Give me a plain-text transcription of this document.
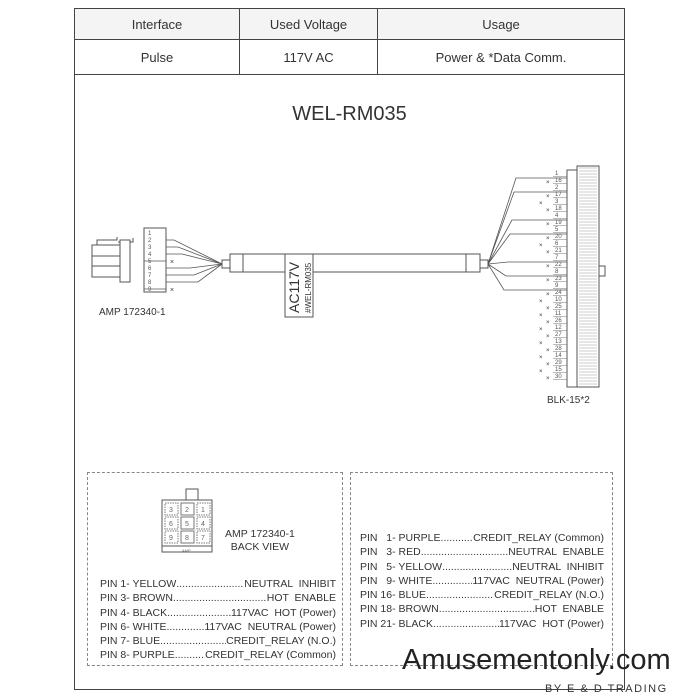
Interface	Used Voltage	Usage
Pulse	117V AC	Power & *Data Comm.
WEL-RM035
×
×	AC117V #WEL-RM035
×
×
×
×
×
×
×
×
×
×
×
×
×
×
×
×
×
×
×
×
×
×
×
1
16
2
17
3
18
4
19
5
20
6
21
7
22
8
23
9
24
10
25
11
26
12
27
13
28
14
29
15
30
1
2
3
4
5
6
7
8
9
AMP 172340-1
BLK-15*2
3 2 1
6 5 4
9 8 7
AMP
AMP 172340-1
BACK VIEW
PIN 1- YELLOW .....	NEUTRAL  INHIBIT
PIN 3- BROWN .....	HOT  ENABLE
PIN 4- BLACK .....	117VAC  HOT (Power)
PIN 6- WHITE .....	117VAC  NEUTRAL (Power)
PIN 7- BLUE .....	CREDIT_RELAY (N.O.)
PIN 8- PURPLE .....	CREDIT_RELAY (Common)
PIN   1- PURPLE .....	CREDIT_RELAY (Common)
PIN   3- RED .....	NEUTRAL  ENABLE
PIN   5- YELLOW .....	NEUTRAL  INHIBIT
PIN   9- WHITE .....	117VAC  NEUTRAL (Power)
PIN 16- BLUE .....	CREDIT_RELAY (N.O.)
PIN 18- BROWN .....	HOT  ENABLE
PIN 21- BLACK .....	117VAC  HOT (Power)
Amusementonly.com
BY E & D TRADING
